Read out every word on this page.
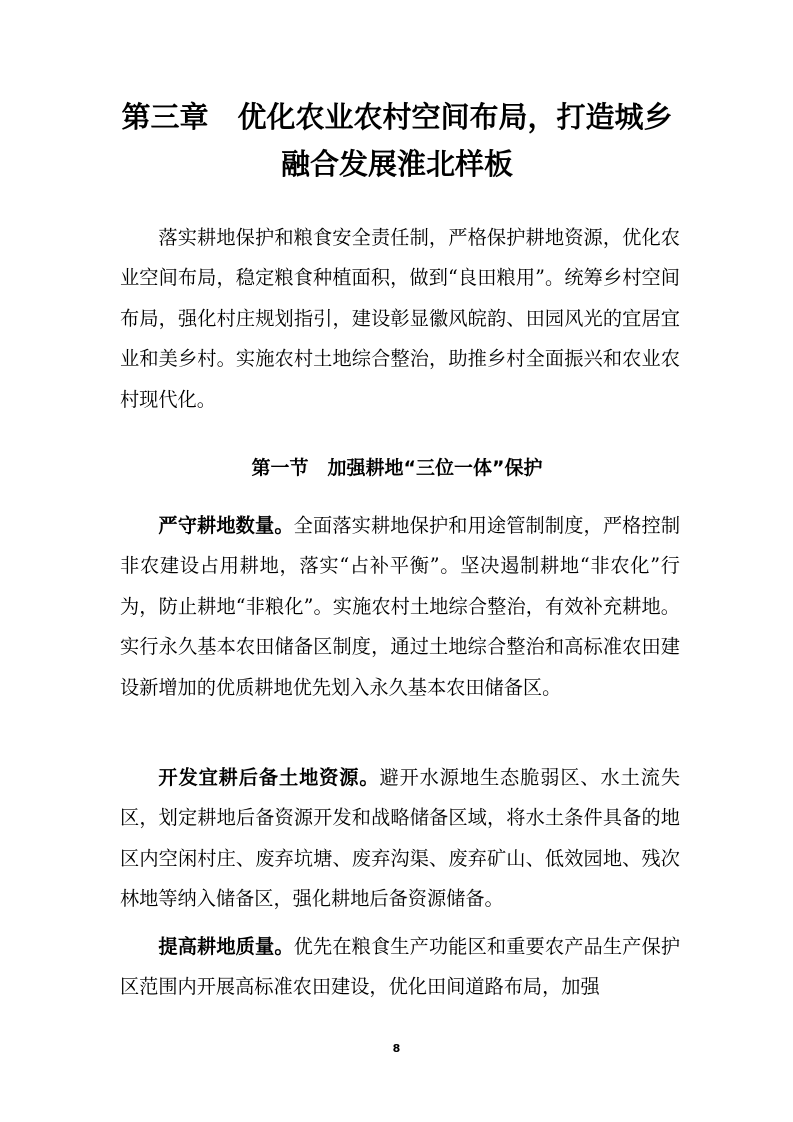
第三章　优化农业农村空间布局，打造城乡
融合发展淮北样板

落实耕地保护和粮食安全责任制，严格保护耕地资源，优化农业空间布局，稳定粮食种植面积，做到“良田粮用”。统筹乡村空间布局，强化村庄规划指引，建设彰显徽风皖韵、田园风光的宜居宜业和美乡村。实施农村土地综合整治，助推乡村全面振兴和农业农村现代化。

第一节　加强耕地“三位一体”保护

严守耕地数量。全面落实耕地保护和用途管制制度，严格控制非农建设占用耕地，落实“占补平衡”。坚决遏制耕地“非农化”行为，防止耕地“非粮化”。实施农村土地综合整治，有效补充耕地。实行永久基本农田储备区制度，通过土地综合整治和高标准农田建设新增加的优质耕地优先划入永久基本农田储备区。

开发宜耕后备土地资源。避开水源地生态脆弱区、水土流失区，划定耕地后备资源开发和战略储备区域，将水土条件具备的地区内空闲村庄、废弃坑塘、废弃沟渠、废弃矿山、低效园地、残次林地等纳入储备区，强化耕地后备资源储备。

提高耕地质量。优先在粮食生产功能区和重要农产品生产保护区范围内开展高标准农田建设，优化田间道路布局，加强

8
